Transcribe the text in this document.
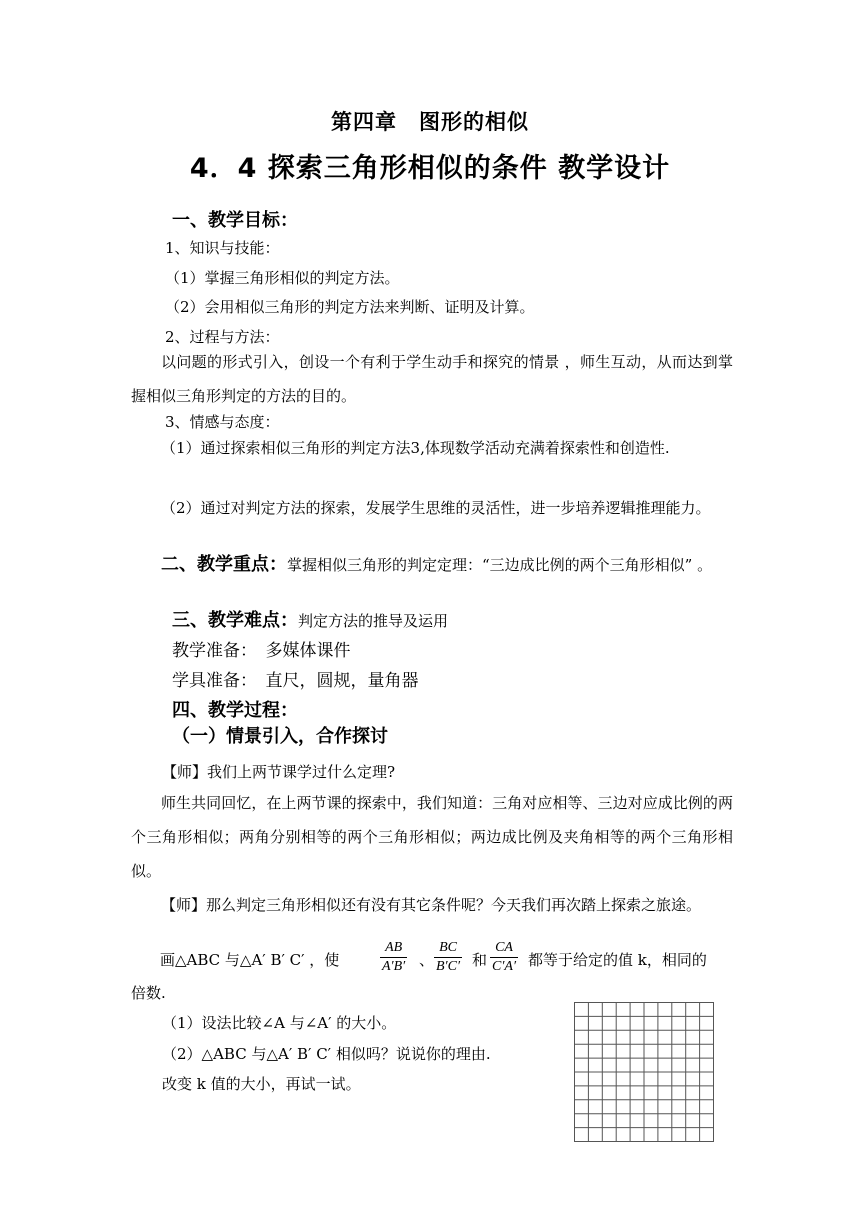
第四章　图形的相似
4．4 探索三角形相似的条件 教学设计
一、教学目标：
1、知识与技能：
（1）掌握三角形相似的判定方法。
（2）会用相似三角形的判定方法来判断、证明及计算。
2、过程与方法：
以问题的形式引入，创设一个有利于学生动手和探究的情景 ，师生互动，从而达到掌握相似三角形判定的方法的目的。
3、情感与态度：
（1）通过探索相似三角形的判定方法3,体现数学活动充满着探索性和创造性.
（2）通过对判定方法的探索，发展学生思维的灵活性，进一步培养逻辑推理能力。
二、教学重点：掌握相似三角形的判定定理：“三边成比例的两个三角形相似” 。
三、教学难点：判定方法的推导及运用
教学准备：　多媒体课件
学具准备：　直尺，圆规，量角器
四、教学过程：
（一）情景引入，合作探讨
【师】我们上两节课学过什么定理?
师生共同回忆，在上两节课的探索中，我们知道：三角对应相等、三边对应成比例的两个三角形相似；两角分别相等的两个三角形相似；两边成比例及夹角相等的两个三角形相似。
【师】那么判定三角形相似还有没有其它条件呢？今天我们再次踏上探索之旅途。
画△ABC 与△A′ B′ C′ ，使
AB
A′B′ 、
BC
B′C′ 和
CA
C′A′ 都等于给定的值 k，相同的
倍数.
（1）设法比较∠A 与∠A′ 的大小。
（2）△ABC 与△A′ B′ C′ 相似吗？说说你的理由.
改变 k 值的大小，再试一试。
